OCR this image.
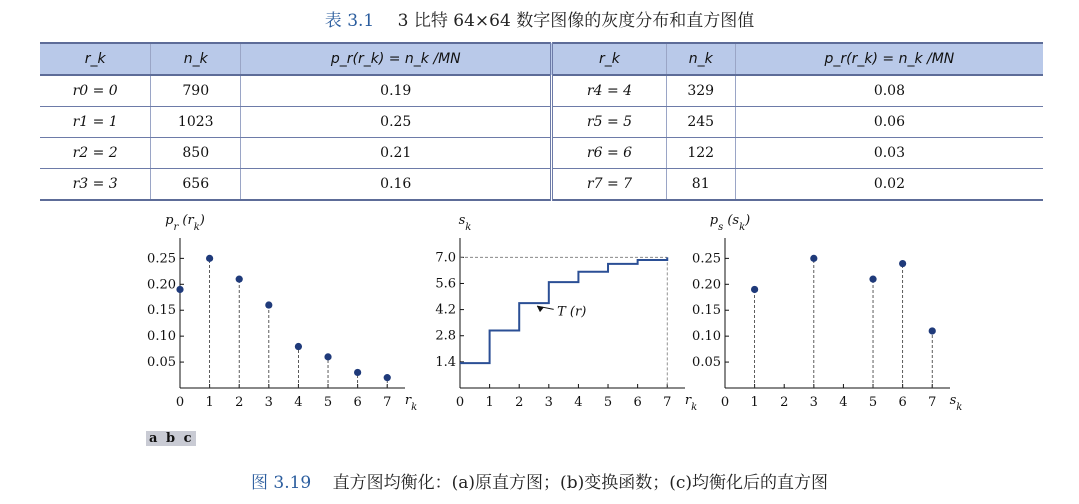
表 3.1 3 比特 64×64 数字图像的灰度分布和直方图值
r_k	n_k	p_r(r_k) = n_k /MN	r_k	n_k	p_r(r_k) = n_k /MN
r0 = 0	790	0.19	r4 = 4	329	0.08
r1 = 1	1023	0.25	r5 = 5	245	0.06
r2 = 2	850	0.21	r6 = 6	122	0.03
r3 = 3	656	0.16	r7 = 7	81	0.02
0 1 2 3 4 5 6 7
0.05
0.10
0.15
0.20
0.25
$p_r$ $(r_k)$
$r_k$	0 1 2 3 4 5 6 7
1.4
2.8
4.2
5.6
7.0
$s_k$
$r_k$
T (r)
0 1 2 3 4 5 6 7
0.05
0.10
0.15
0.20
0.25
$p_s$ $(s_k)$
$s_k$
a b c
图 3.19 直方图均衡化：(a)原直方图；(b)变换函数；(c)均衡化后的直方图
